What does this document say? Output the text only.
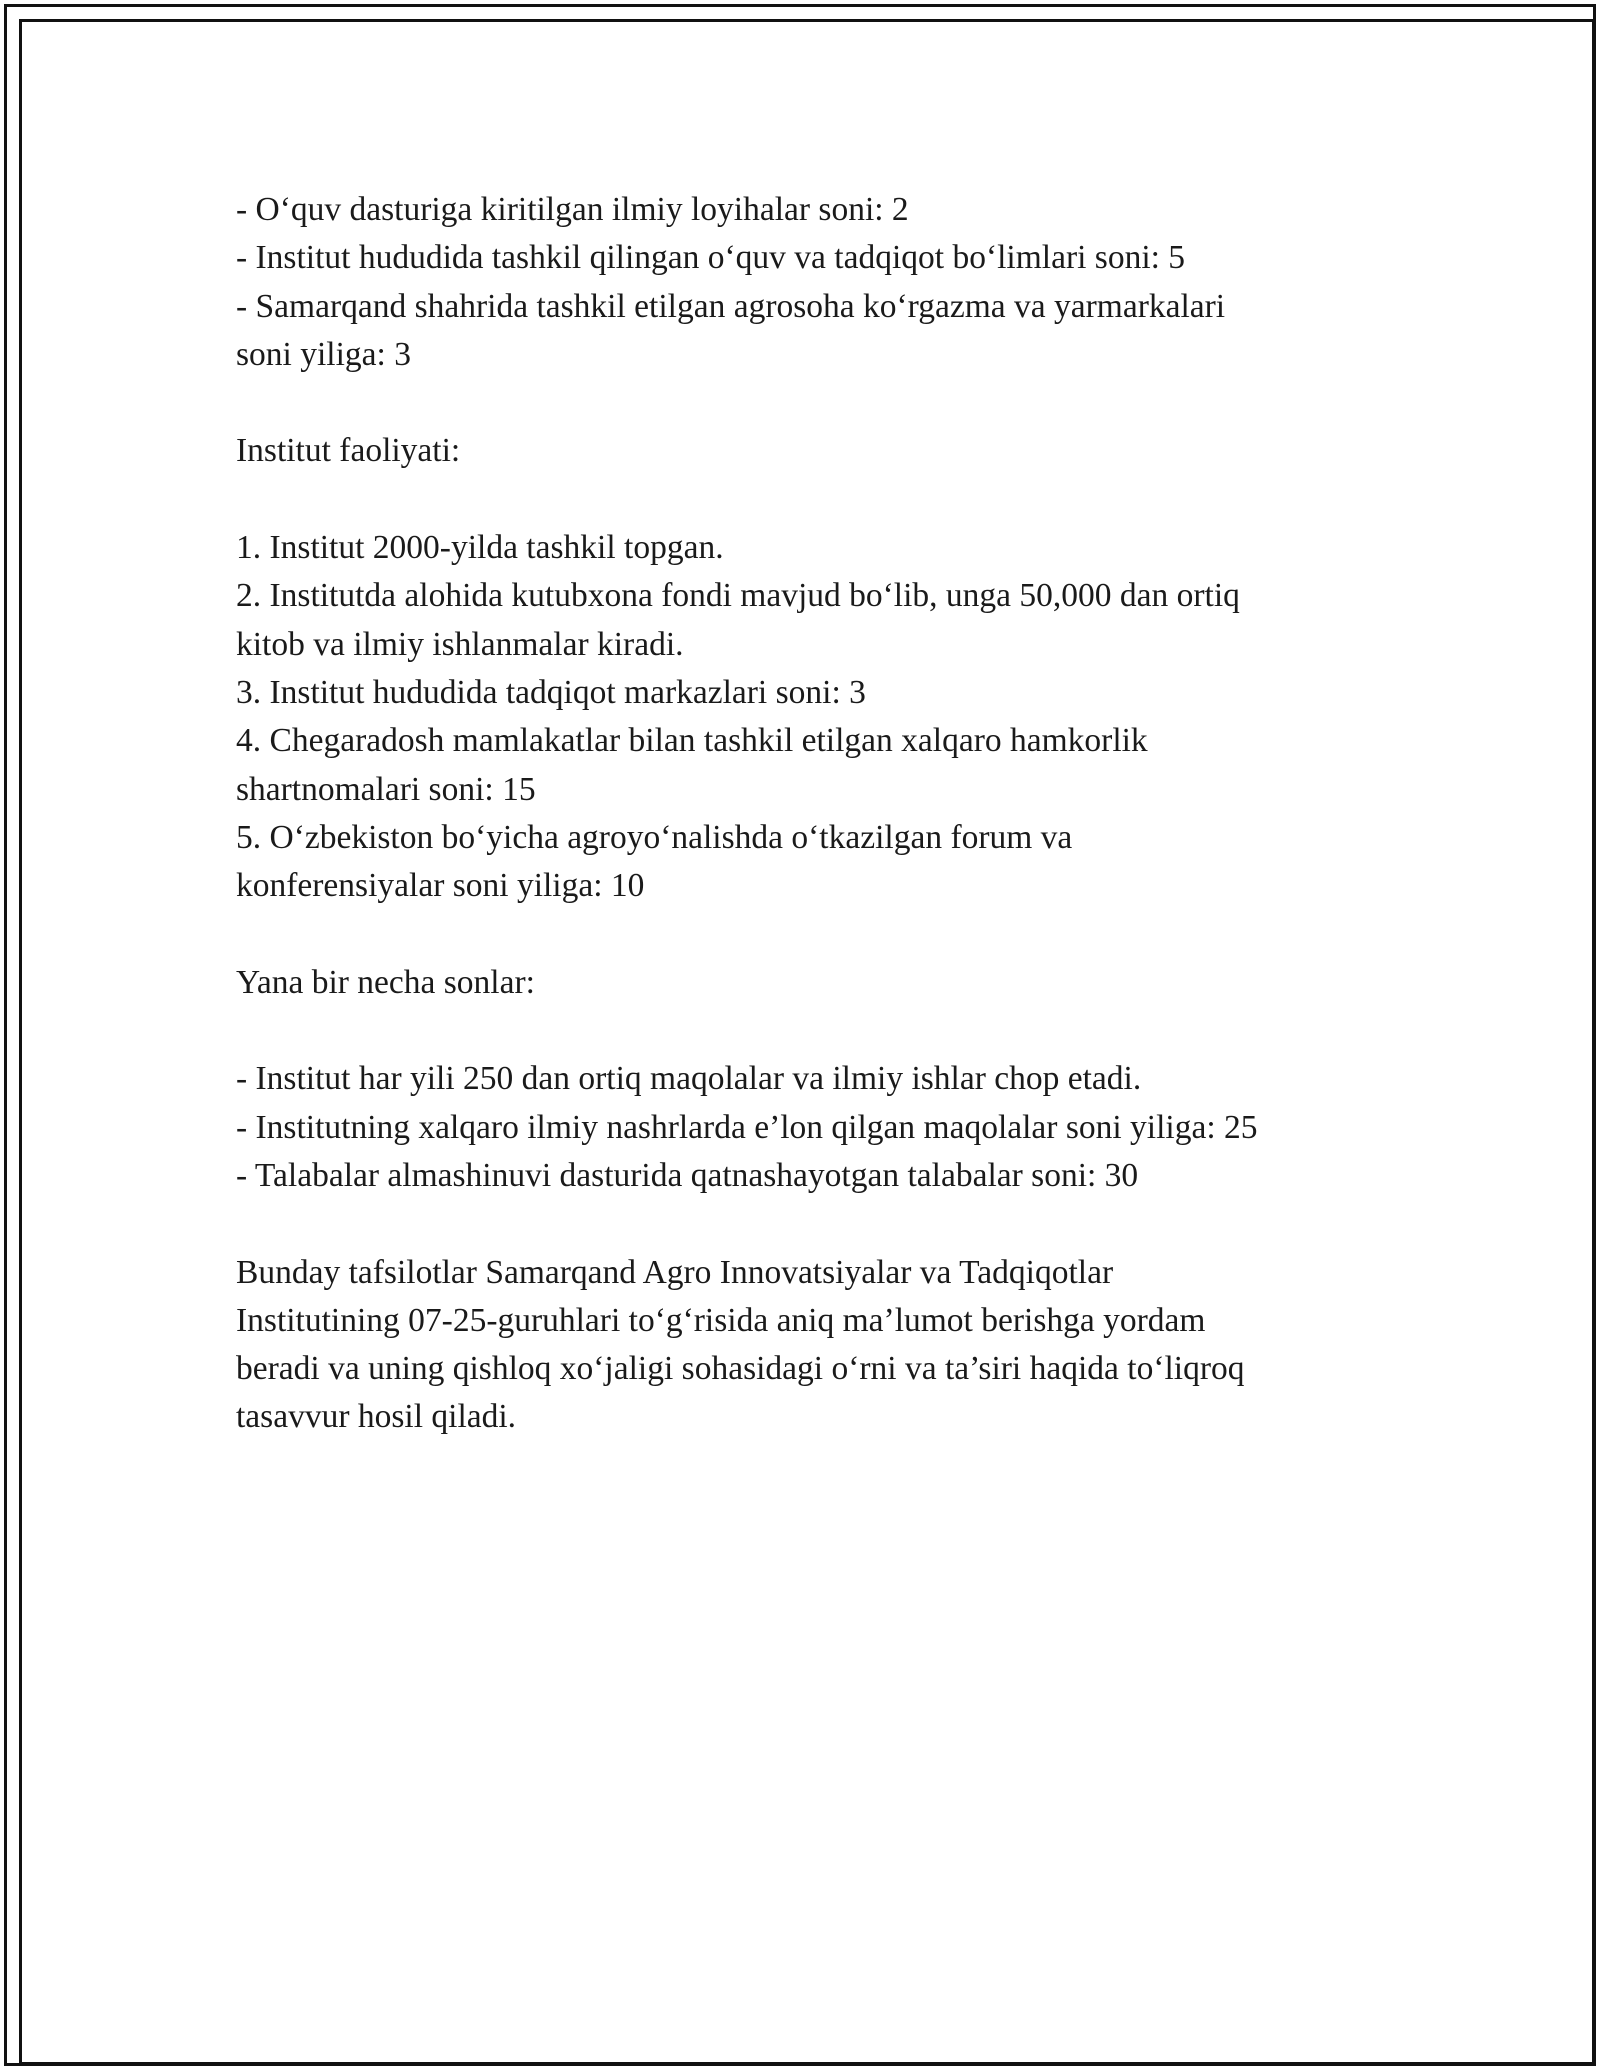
- O‘quv dasturiga kiritilgan ilmiy loyihalar soni: 2
- Institut hududida tashkil qilingan o‘quv va tadqiqot bo‘limlari soni: 5
- Samarqand shahrida tashkil etilgan agrosoha ko‘rgazma va yarmarkalari
soni yiliga: 3
Institut faoliyati:
1. Institut 2000-yilda tashkil topgan.
2. Institutda alohida kutubxona fondi mavjud bo‘lib, unga 50,000 dan ortiq
kitob va ilmiy ishlanmalar kiradi.
3. Institut hududida tadqiqot markazlari soni: 3
4. Chegaradosh mamlakatlar bilan tashkil etilgan xalqaro hamkorlik
shartnomalari soni: 15
5. O‘zbekiston bo‘yicha agroyo‘nalishda o‘tkazilgan forum va
konferensiyalar soni yiliga: 10
Yana bir necha sonlar:
- Institut har yili 250 dan ortiq maqolalar va ilmiy ishlar chop etadi.
- Institutning xalqaro ilmiy nashrlarda e’lon qilgan maqolalar soni yiliga: 25
- Talabalar almashinuvi dasturida qatnashayotgan talabalar soni: 30
Bunday tafsilotlar Samarqand Agro Innovatsiyalar va Tadqiqotlar
Institutining 07-25-guruhlari to‘g‘risida aniq ma’lumot berishga yordam
beradi va uning qishloq xo‘jaligi sohasidagi o‘rni va ta’siri haqida to‘liqroq
tasavvur hosil qiladi.
